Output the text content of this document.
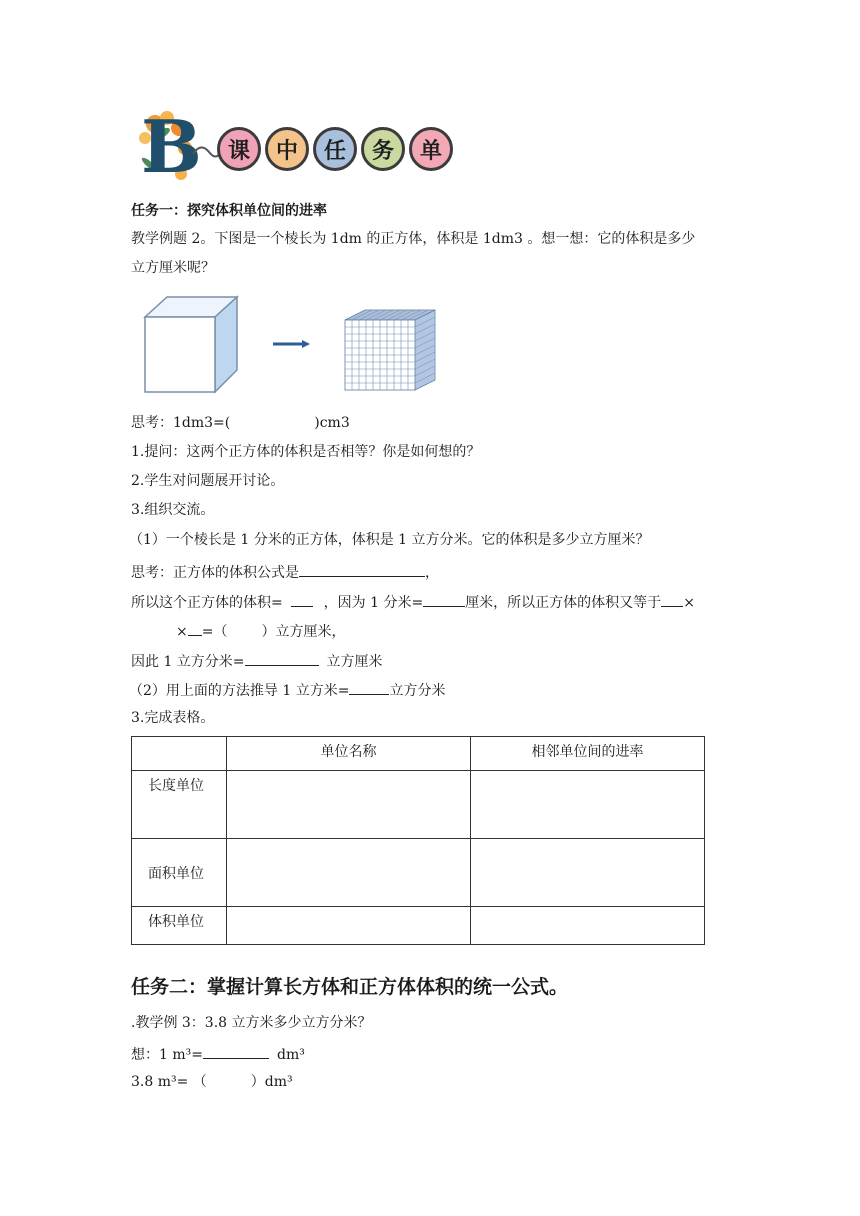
B	课	中	任	务	单
任务一：探究体积单位间的进率
教学例题 2。下图是一个棱长为 1dm 的正方体，体积是 1dm3 。想一想：它的体积是多少
立方厘米呢？
思考：1dm3=(	)cm3
1.提问：这两个正方体的体积是否相等？你是如何想的？
2.学生对问题展开讨论。
3.组织交流。
（1）一个棱长是 1 分米的正方体，体积是 1 立方分米。它的体积是多少立方厘米？
思考：正方体的体积公式是	，
所以这个正方体的体积=	，因为 1 分米=	厘米，所以正方体的体积又等于 ×
× =（ ）立方厘米，
因此 1 立方分米=	立方厘米
（2）用上面的方法推导 1 立方米=	立方分米
3.完成表格。
	单位名称	相邻单位间的进率
长度单位		
面积单位		
体积单位		
任务二：掌握计算长方体和正方体体积的统一公式。
.教学例 3：3.8 立方米多少立方分米？
想：1 m³=	dm³
3.8 m³= （	）dm³
